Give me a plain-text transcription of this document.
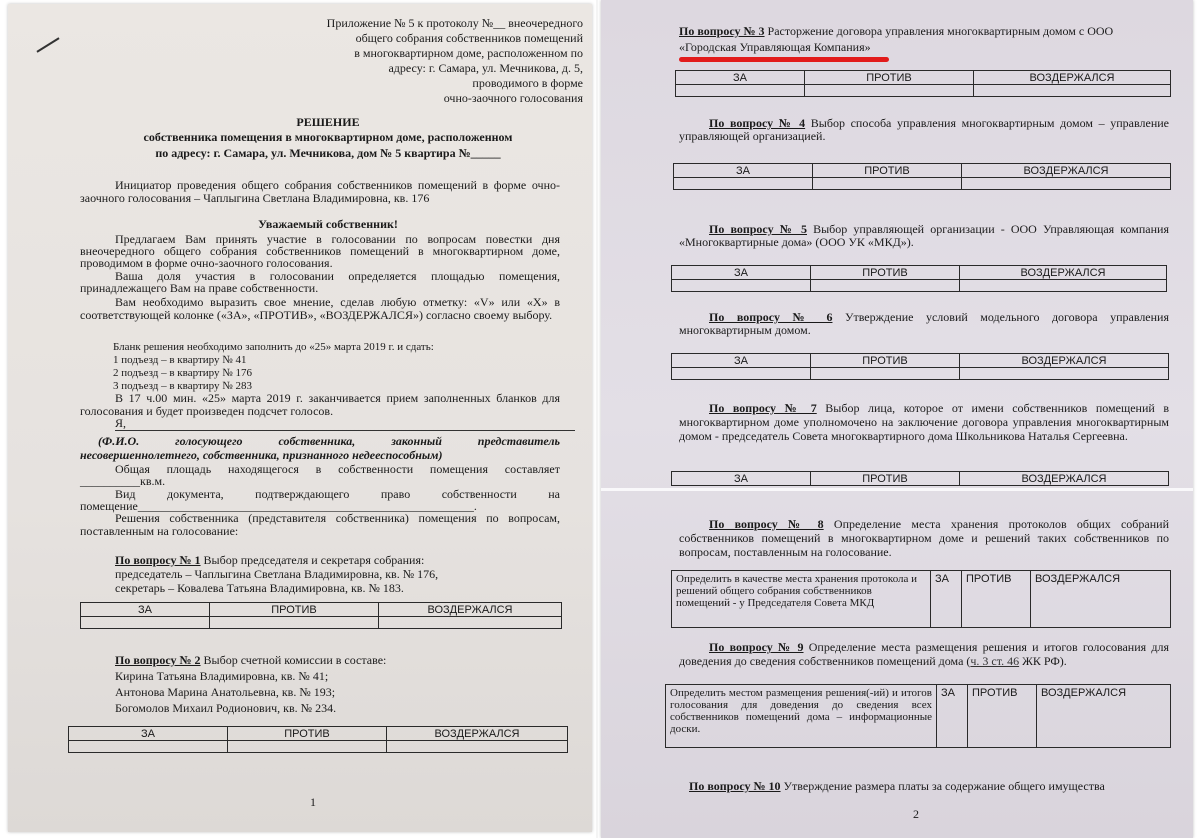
Приложение № 5 к протоколу №__ внеочередного
общего собрания собственников помещений
в многоквартирном доме, расположенном по
адресу: г. Самара, ул. Мечникова, д. 5,
проводимого в форме
очно-заочного голосования
РЕШЕНИЕ
собственника помещения в многоквартирном доме, расположенном
по адресу: г. Самара, ул. Мечникова, дом № 5 квартира №_____
Инициатор проведения общего собрания собственников помещений в форме очно-заочного голосования – Чаплыгина Светлана Владимировна, кв. 176
Уважаемый собственник!
Предлагаем Вам принять участие в голосовании по вопросам повестки дня внеочередного общего собрания собственников помещений в многоквартирном доме, проводимом в форме очно-заочного голосования.
Ваша доля участия в голосовании определяется площадью помещения, принадлежащего Вам на праве собственности.
Вам необходимо выразить свое мнение, сделав любую отметку: «V» или «Х» в соответствующей колонке («ЗА», «ПРОТИВ», «ВОЗДЕРЖАЛСЯ») согласно своему выбору.
Бланк решения необходимо заполнить до «25» марта 2019 г. и сдать:
1 подъезд – в квартиру № 41
2 подъезд – в квартиру № 176
3 подъезд – в квартиру № 283
В 17 ч.00 мин. «25» марта 2019 г. заканчивается прием заполненных бланков для голосования и будет произведен подсчет голосов.
Я,
(Ф.И.О. голосующего собственника, законный представитель
несовершеннолетнего, собственника, признанного недееспособным)
Общая площадь находящегося в собственности помещения составляет
__________кв.м.
Вид документа, подтверждающего право собственности на
помещение________________________________________________________.
Решения собственника (представителя собственника) помещения по вопросам, поставленным на голосование:
По вопросу № 1 Выбор председателя и секретаря собрания:
председатель – Чаплыгина Светлана Владимировна, кв. № 176,
секретарь – Ковалева Татьяна Владимировна, кв. № 183.
ЗА	ПРОТИВ	ВОЗДЕРЖАЛСЯ

По вопросу № 2 Выбор счетной комиссии в составе:
Кирина Татьяна Владимировна, кв. № 41;
Антонова Марина Анатольевна, кв. № 193;
Богомолов Михаил Родионович, кв. № 234.
ЗА	ПРОТИВ	ВОЗДЕРЖАЛСЯ

1
По вопросу № 3 Расторжение договора управления многоквартирным домом с ООО
«Городская Управляющая Компания»
ЗА	ПРОТИВ	ВОЗДЕРЖАЛСЯ

По вопросу № 4 Выбор способа управления многоквартирным домом – управление управляющей организацией.
ЗА	ПРОТИВ	ВОЗДЕРЖАЛСЯ

По вопросу № 5 Выбор управляющей организации - ООО Управляющая компания «Многоквартирные дома» (ООО УК «МКД»).
ЗА	ПРОТИВ	ВОЗДЕРЖАЛСЯ

По вопросу № 6 Утверждение условий модельного договора управления многоквартирным домом.
ЗА	ПРОТИВ	ВОЗДЕРЖАЛСЯ

По вопросу № 7 Выбор лица, которое от имени собственников помещений в многоквартирном доме уполномочено на заключение договора управления многоквартирным домом - председатель Совета многоквартирного дома Школьникова Наталья Сергеевна.
ЗА	ПРОТИВ	ВОЗДЕРЖАЛСЯ
По вопросу № 8 Определение места хранения протоколов общих собраний собственников помещений в многоквартирном доме и решений таких собственников по вопросам, поставленным на голосование.
Определить в качестве места хранения протокола и решений общего собрания собственников помещений - у Председателя Совета МКД	ЗА	ПРОТИВ	ВОЗДЕРЖАЛСЯ
По вопросу № 9 Определение места размещения решения и итогов голосования для доведения до сведения собственников помещений дома (ч. 3 ст. 46 ЖК РФ).
Определить местом размещения решения(-ий) и итогов голосования для доведения до сведения всех собственников помещений дома – информационные доски.	ЗА	ПРОТИВ	ВОЗДЕРЖАЛСЯ
По вопросу № 10 Утверждение размера платы за содержание общего имущества
2
